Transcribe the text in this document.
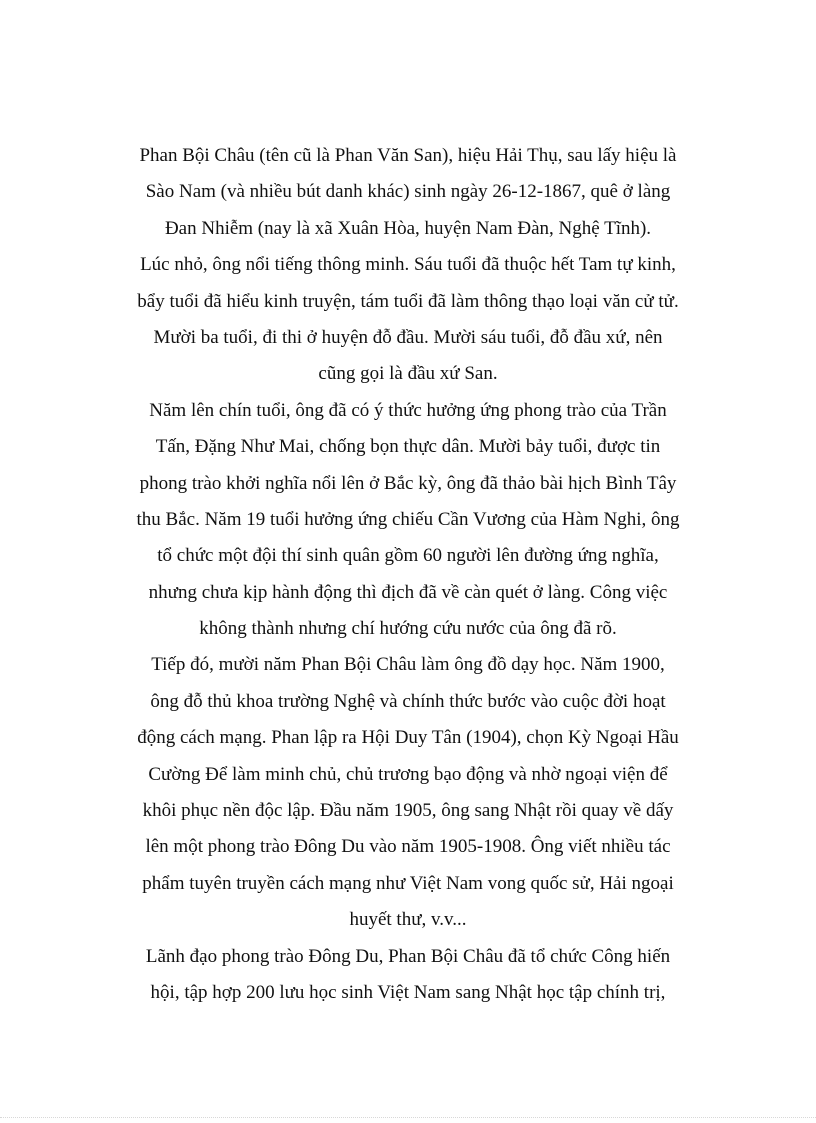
Phan Bội Châu (tên cũ là Phan Văn San), hiệu Hải Thụ, sau lấy hiệu là
Sào Nam (và nhiều bút danh khác) sinh ngày 26-12-1867, quê ở làng
Đan Nhiễm (nay là xã Xuân Hòa, huyện Nam Đàn, Nghệ Tĩnh).
Lúc nhỏ, ông nổi tiếng thông minh. Sáu tuổi đã thuộc hết Tam tự kinh,
bẩy tuổi đã hiểu kinh truyện, tám tuổi đã làm thông thạo loại văn cử tử.
Mười ba tuổi, đi thi ở huyện đỗ đầu. Mười sáu tuổi, đỗ đầu xứ, nên
cũng gọi là đầu xứ San.
Năm lên chín tuổi, ông đã có ý thức hưởng ứng phong trào của Trần
Tấn, Đặng Như Mai, chống bọn thực dân. Mười bảy tuổi, được tin
phong trào khởi nghĩa nổi lên ở Bắc kỳ, ông đã thảo bài hịch Bình Tây
thu Bắc. Năm 19 tuổi hưởng ứng chiếu Cần Vương của Hàm Nghi, ông
tổ chức một đội thí sinh quân gồm 60 người lên đường ứng nghĩa,
nhưng chưa kịp hành động thì địch đã về càn quét ở làng. Công việc
không thành nhưng chí hướng cứu nước của ông đã rõ.
Tiếp đó, mười năm Phan Bội Châu làm ông đồ dạy học. Năm 1900,
ông đỗ thủ khoa trường Nghệ và chính thức bước vào cuộc đời hoạt
động cách mạng. Phan lập ra Hội Duy Tân (1904), chọn Kỳ Ngoại Hầu
Cường Để làm minh chủ, chủ trương bạo động và nhờ ngoại viện để
khôi phục nền độc lập. Đầu năm 1905, ông sang Nhật rồi quay về dấy
lên một phong trào Đông Du vào năm 1905-1908. Ông viết nhiều tác
phẩm tuyên truyền cách mạng như Việt Nam vong quốc sử, Hải ngoại
huyết thư, v.v...
Lãnh đạo phong trào Đông Du, Phan Bội Châu đã tổ chức Công hiến
hội, tập hợp 200 lưu học sinh Việt Nam sang Nhật học tập chính trị,
